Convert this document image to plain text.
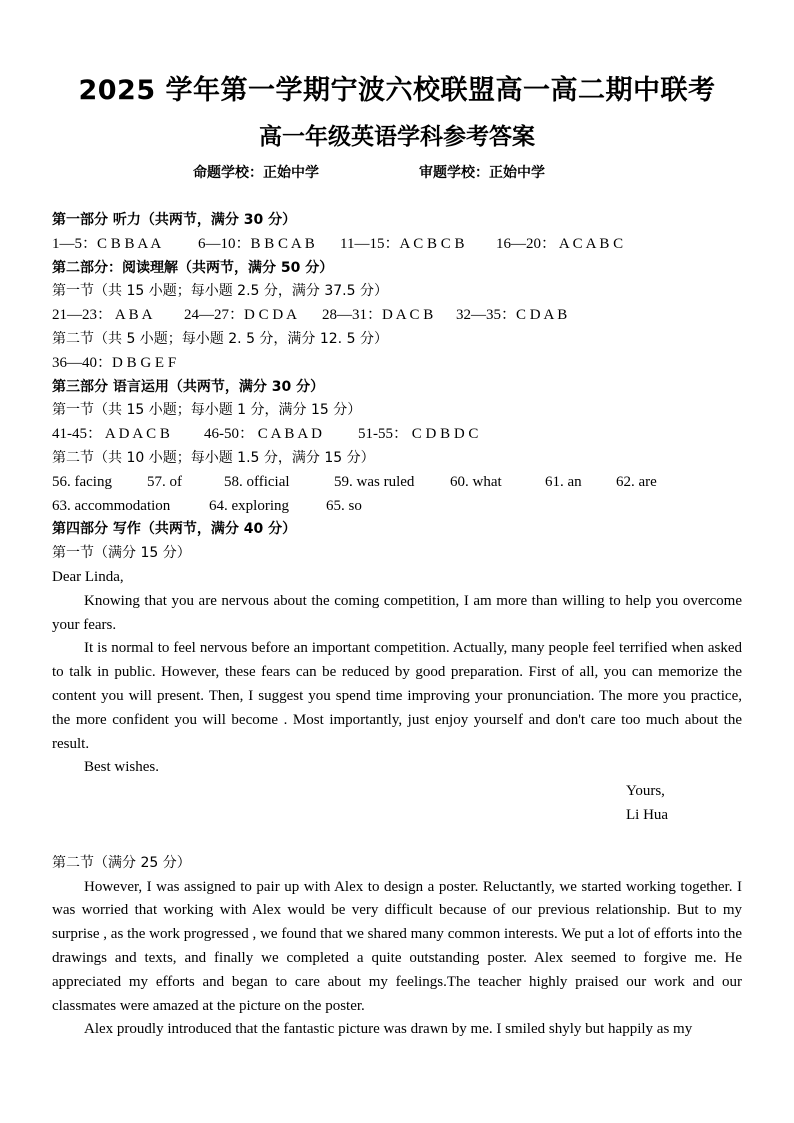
2025 学年第一学期宁波六校联盟高一高二期中联考
高一年级英语学科参考答案
命题学校：正始中学	审题学校：正始中学
第一部分 听力（共两节，满分 30 分）
1—5：C B B A A 6—10：B B C A B 11—15：A C B C B 16—20： A C A B C
第二部分：阅读理解（共两节，满分 50 分）
第一节（共 15 小题；每小题 2.5 分，满分 37.5 分）
21—23： A B A 24—27：D C D A 28—31：D A C B 32—35：C D A B
第二节（共 5 小题；每小题 2. 5 分，满分 12. 5 分）
36—40：D B G E F
第三部分 语言运用（共两节，满分 30 分）
第一节（共 15 小题；每小题 1 分，满分 15 分）
41-45： A D A C B 46-50： C A B A D 51-55： C D B D C
第二节（共 10 小题；每小题 1.5 分，满分 15 分）
56. facing 57. of	58. official	59. was ruled 60. what	61. an 62. are
63. accommodation	64. exploring 65. so
第四部分 写作（共两节，满分 40 分）
第一节（满分 15 分）
Dear Linda,

Knowing that you are nervous about the coming competition, I am more than willing to help you overcome your fears.

It is normal to feel nervous before an important competition. Actually, many people feel terrified when asked to talk in public. However, these fears can be reduced by good preparation. First of all, you can memorize the content you will present. Then, I suggest you spend time improving your pronunciation. The more you practice, the more confident you will become . Most importantly, just enjoy yourself and don't care too much about the result.

Best wishes.

Yours,
Li Hua
第二节（满分 25 分）

However, I was assigned to pair up with Alex to design a poster. Reluctantly, we started working together. I was worried that working with Alex would be very difficult because of our previous relationship. But to my surprise , as the work progressed , we found that we shared many common interests. We put a lot of efforts into the drawings and texts, and finally we completed a quite outstanding poster. Alex seemed to forgive me. He appreciated my efforts and began to care about my feelings.The teacher highly praised our work and our classmates were amazed at the picture on the poster.

Alex proudly introduced that the fantastic picture was drawn by me. I smiled shyly but happily as my
